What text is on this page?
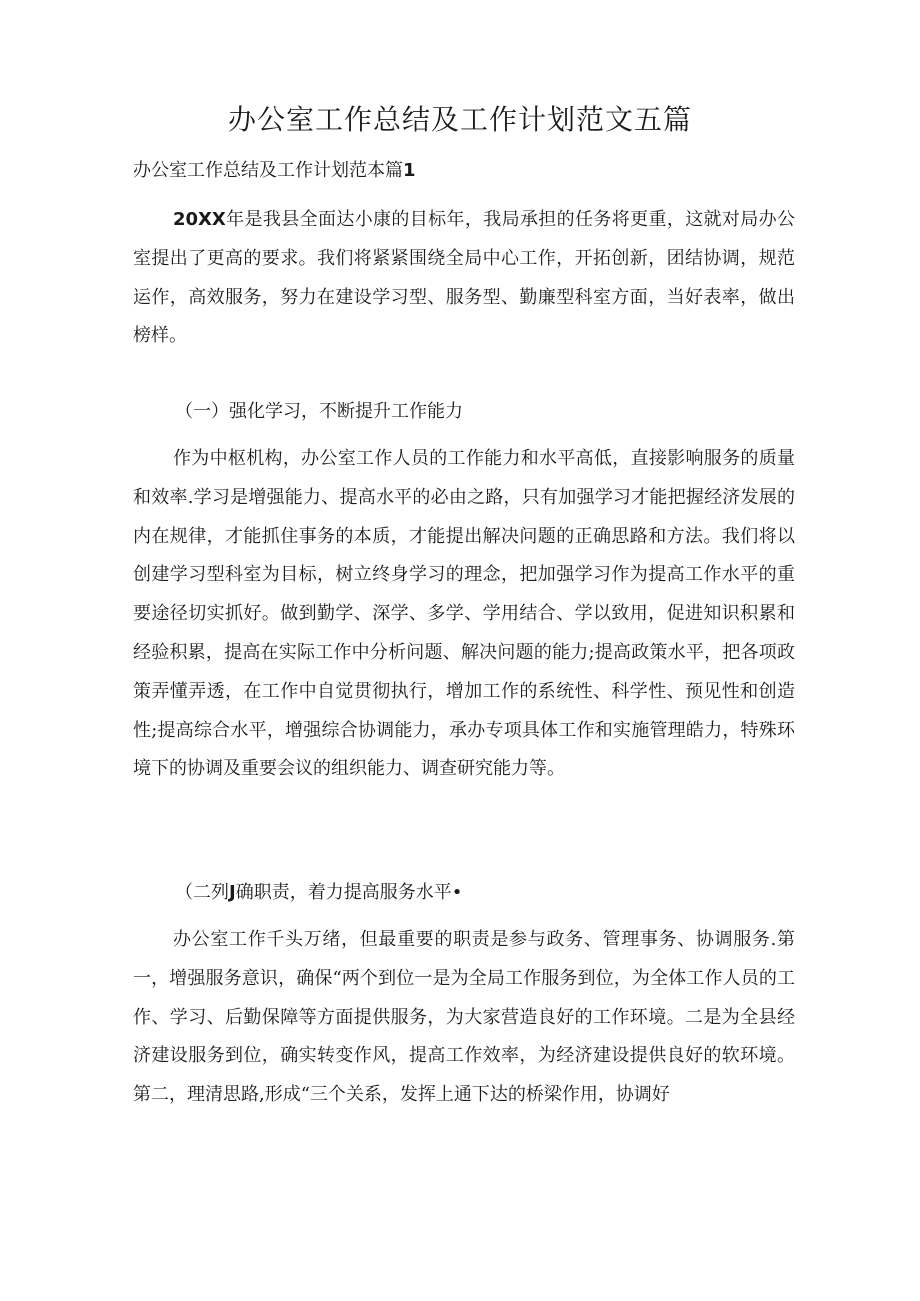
办公室工作总结及工作计划范文五篇

办公室工作总结及工作计划范本篇1

20XX年是我县全面达小康的目标年，我局承担的任务将更重，这就对局办公室提出了更高的要求。我们将紧紧围绕全局中心工作，开拓创新，团结协调，规范运作，高效服务，努力在建设学习型、服务型、勤廉型科室方面，当好表率，做出榜样。

（一）强化学习，不断提升工作能力

作为中枢机构，办公室工作人员的工作能力和水平高低，直接影响服务的质量和效率.学习是增强能力、提高水平的必由之路，只有加强学习才能把握经济发展的内在规律，才能抓住事务的本质，才能提出解决问题的正确思路和方法。我们将以创建学习型科室为目标，树立终身学习的理念，把加强学习作为提高工作水平的重要途径切实抓好。做到勤学、深学、多学、学用结合、学以致用，促进知识积累和经验积累，提高在实际工作中分析问题、解决问题的能力;提高政策水平，把各项政策弄懂弄透，在工作中自觉贯彻执行，增加工作的系统性、科学性、预见性和创造性;提高综合水平，增强综合协调能力，承办专项具体工作和实施管理皓力，特殊环境下的协调及重要会议的组织能力、调查研究能力等。

（二列J确职责，着力提高服务水平•

办公室工作千头万绪，但最重要的职责是参与政务、管理事务、协调服务.第一，增强服务意识，确保“两个到位一是为全局工作服务到位，为全体工作人员的工作、学习、后勤保障等方面提供服务，为大家营造良好的工作环境。二是为全县经济建设服务到位，确实转变作风，提高工作效率，为经济建设提供良好的软环境。第二，理清思路,形成“三个关系，发挥上通下达的桥梁作用，协调好
